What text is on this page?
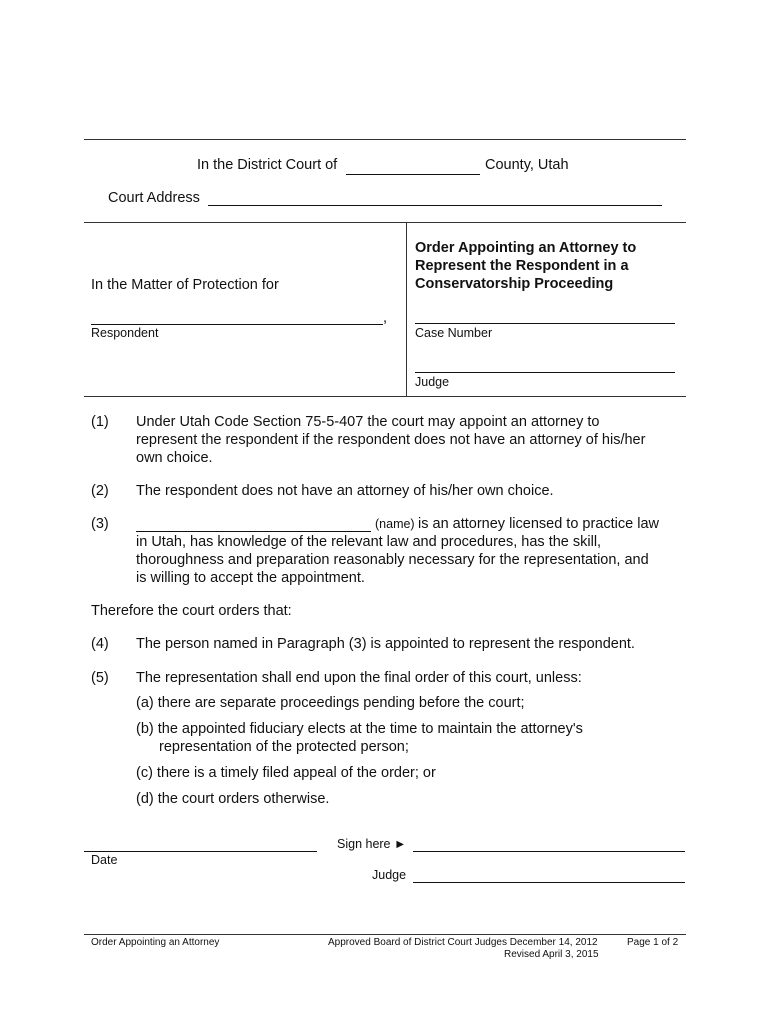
In the District Court of	County, Utah
Court Address
In the Matter of Protection for
,
Respondent
Order Appointing an Attorney to
Represent the Respondent in a
Conservatorship Proceeding
Case Number
Judge
(1) Under Utah Code Section 75-5-407 the court may appoint an attorney to
represent the respondent if the respondent does not have an attorney of his/her
own choice.
(2) The respondent does not have an attorney of his/her own choice.
(3)	(name) is an attorney licensed to practice law
in Utah, has knowledge of the relevant law and procedures, has the skill,
thoroughness and preparation reasonably necessary for the representation, and
is willing to accept the appointment.
Therefore the court orders that:
(4) The person named in Paragraph (3) is appointed to represent the respondent.
(5) The representation shall end upon the final order of this court, unless:
(a) there are separate proceedings pending before the court;
(b) the appointed fiduciary elects at the time to maintain the attorney's
representation of the protected person;
(c) there is a timely filed appeal of the order; or
(d) the court orders otherwise.
Sign here ►
Date
Judge
Order Appointing an Attorney	Approved Board of District Court Judges December 14, 2012
Revised April 3, 2015
Page 1 of 2
